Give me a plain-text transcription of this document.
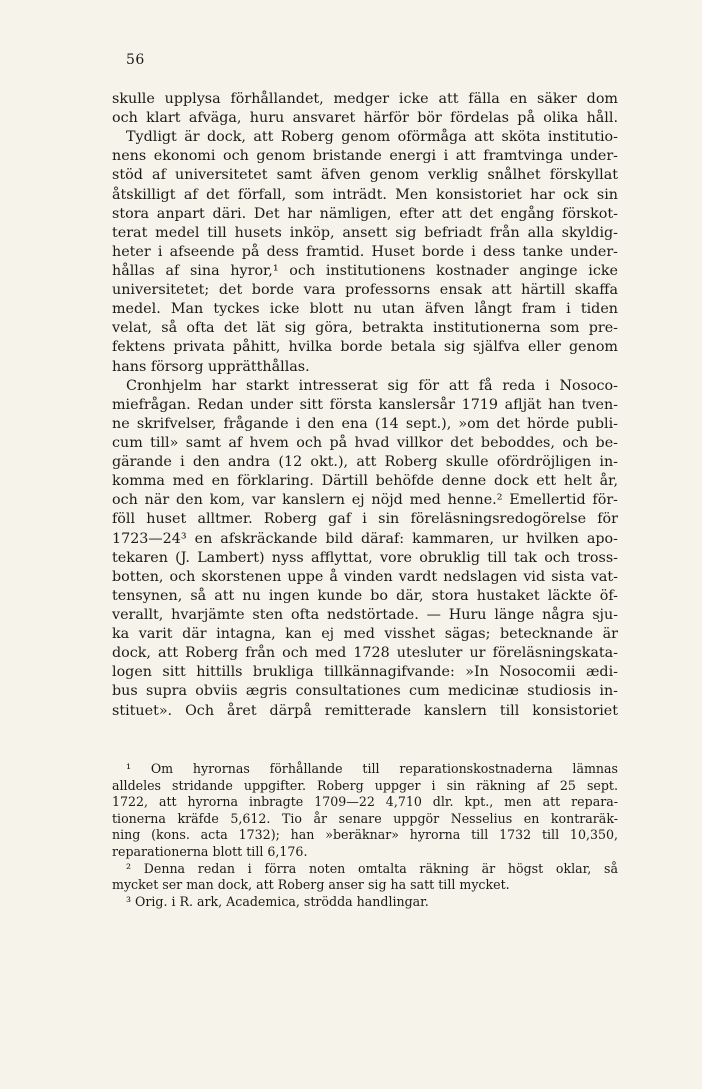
56
skulle upplysa förhållandet, medger icke att fälla en säker dom
och klart afväga, huru ansvaret härför bör fördelas på olika håll.
Tydligt är dock, att Roberg genom oförmåga att sköta institutio-
nens ekonomi och genom bristande energi i att framtvinga under-
stöd af universitetet samt äfven genom verklig snålhet förskyllat
åtskilligt af det förfall, som inträdt. Men konsistoriet har ock sin
stora anpart däri. Det har nämligen, efter att det engång förskot-
terat medel till husets inköp, ansett sig befriadt från alla skyldig-
heter i afseende på dess framtid. Huset borde i dess tanke under-
hållas af sina hyror,¹ och institutionens kostnader anginge icke
universitetet; det borde vara professorns ensak att härtill skaffa
medel. Man tyckes icke blott nu utan äfven långt fram i tiden
velat, så ofta det lät sig göra, betrakta institutionerna som pre-
fektens privata påhitt, hvilka borde betala sig själfva eller genom
hans försorg upprätthållas.
Cronhjelm har starkt intresserat sig för att få reda i Nosoco-
miefrågan. Redan under sitt första kanslersår 1719 afljät han tven-
ne skrifvelser, frågande i den ena (14 sept.), »om det hörde publi-
cum till» samt af hvem och på hvad villkor det beboddes, och be-
gärande i den andra (12 okt.), att Roberg skulle ofördröjligen in-
komma med en förklaring. Därtill behöfde denne dock ett helt år,
och när den kom, var kanslern ej nöjd med henne.² Emellertid för-
föll huset alltmer. Roberg gaf i sin föreläsningsredogörelse för
1723—24³ en afskräckande bild däraf: kammaren, ur hvilken apo-
tekaren (J. Lambert) nyss afflyttat, vore obruklig till tak och tross-
botten, och skorstenen uppe å vinden vardt nedslagen vid sista vat-
tensynen, så att nu ingen kunde bo där, stora hustaket läckte öf-
verallt, hvarjämte sten ofta nedstörtade. — Huru länge några sju-
ka varit där intagna, kan ej med visshet sägas; betecknande är
dock, att Roberg från och med 1728 utesluter ur föreläsningskata-
logen sitt hittills brukliga tillkännagifvande: »In Nosocomii ædi-
bus supra obviis ægris consultationes cum medicinæ studiosis in-
stituet». Och året därpå remitterade kanslern till konsistoriet
¹ Om hyrornas förhållande till reparationskostnaderna lämnas
alldeles stridande uppgifter. Roberg uppger i sin räkning af 25 sept.
1722, att hyrorna inbragte 1709—22 4,710 dlr. kpt., men att repara-
tionerna kräfde 5,612. Tio år senare uppgör Nesselius en kontraräk-
ning (kons. acta 1732); han »beräknar» hyrorna till 1732 till 10,350,
reparationerna blott till 6,176.
² Denna redan i förra noten omtalta räkning är högst oklar, så
mycket ser man dock, att Roberg anser sig ha satt till mycket.
³ Orig. i R. ark, Academica, strödda handlingar.
